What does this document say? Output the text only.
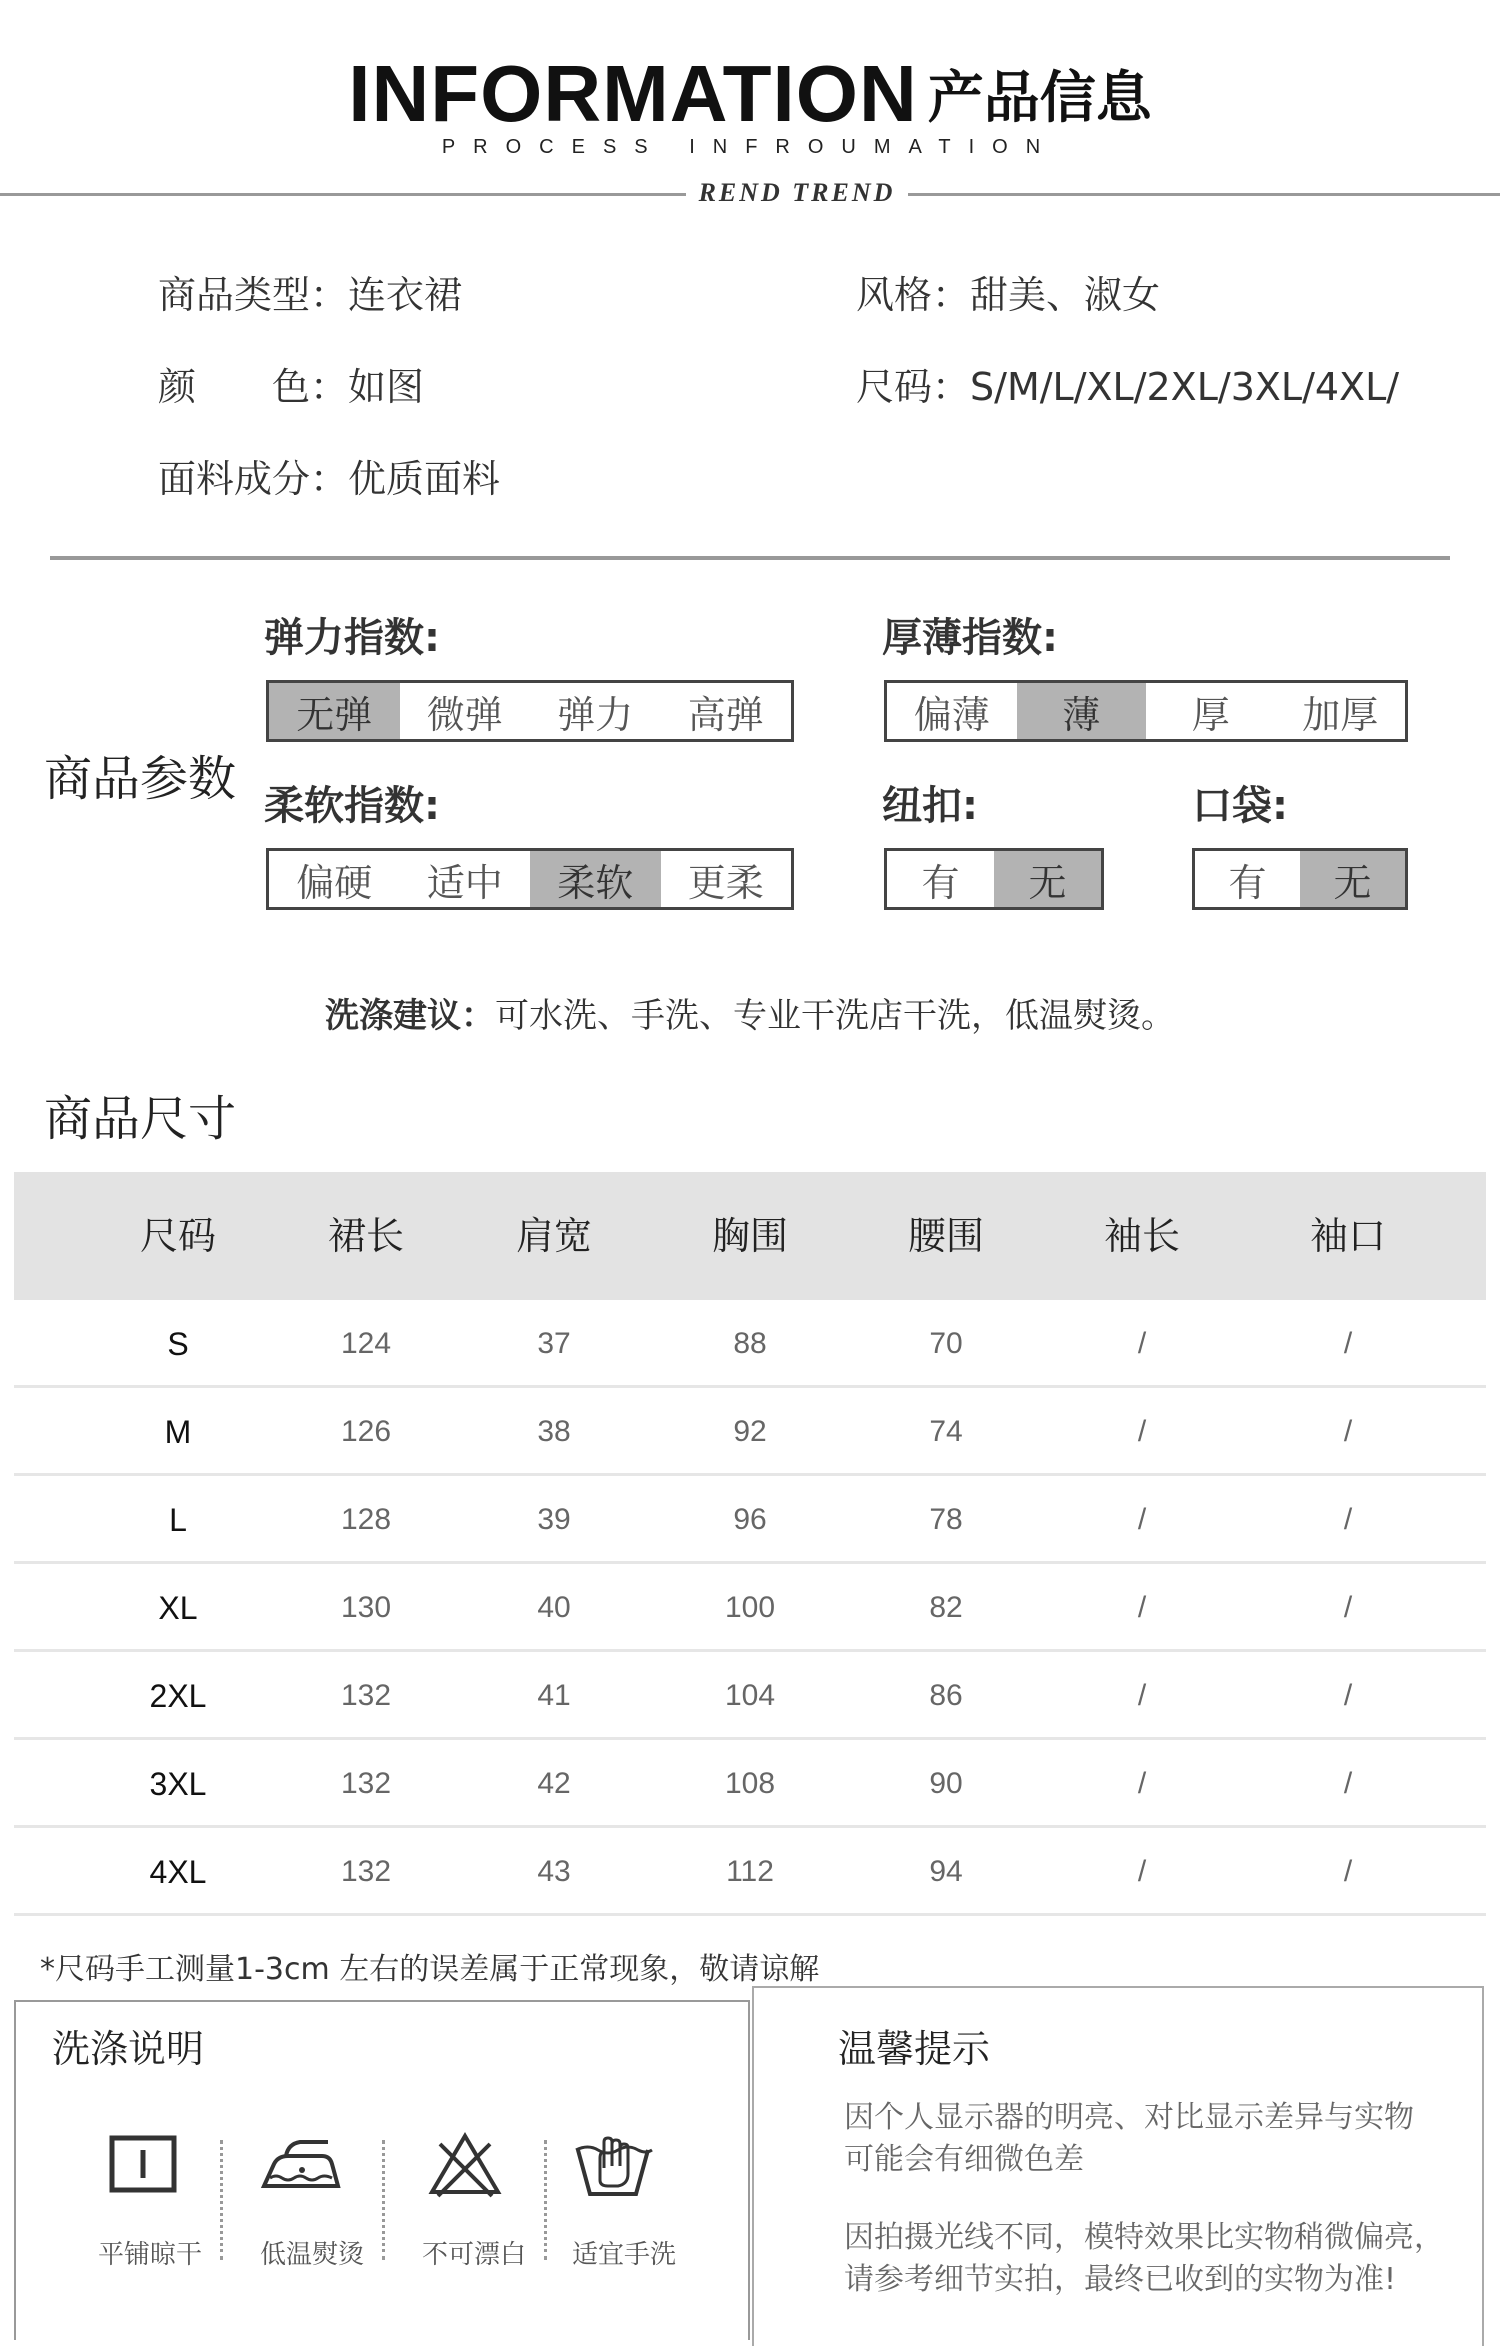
INFORMATION 产品信息
PROCESS INFROUMATION
REND TREND
商品类型：连衣裙	风格：甜美、淑女
颜　　色：如图	尺码：S/M/L/XL/2XL/3XL/4XL/
面料成分：优质面料
商品参数
弹力指数:
无弹	微弹	弹力	高弹
厚薄指数:
偏薄	薄	厚	加厚
柔软指数:
偏硬	适中	柔软	更柔
纽扣:
有	无
口袋:
有	无
洗涤建议：可水洗、手洗、专业干洗店干洗，低温熨烫。
商品尺寸
尺码	裙长	肩宽	胸围	腰围	袖长	袖口
S	124	37	88	70	/	/
M	126	38	92	74	/	/
L	128	39	96	78	/	/
XL	130	40	100	82	/	/
2XL	132	41	104	86	/	/
3XL	132	42	108	90	/	/
4XL	132	43	112	94	/	/
*尺码手工测量1-3cm 左右的误差属于正常现象，敬请谅解
洗涤说明
平铺晾干 低温熨烫 不可漂白 适宜手洗
温馨提示
因个人显示器的明亮、对比显示差异与实物
可能会有细微色差
因拍摄光线不同，模特效果比实物稍微偏亮，
请参考细节实拍，最终已收到的实物为准!
